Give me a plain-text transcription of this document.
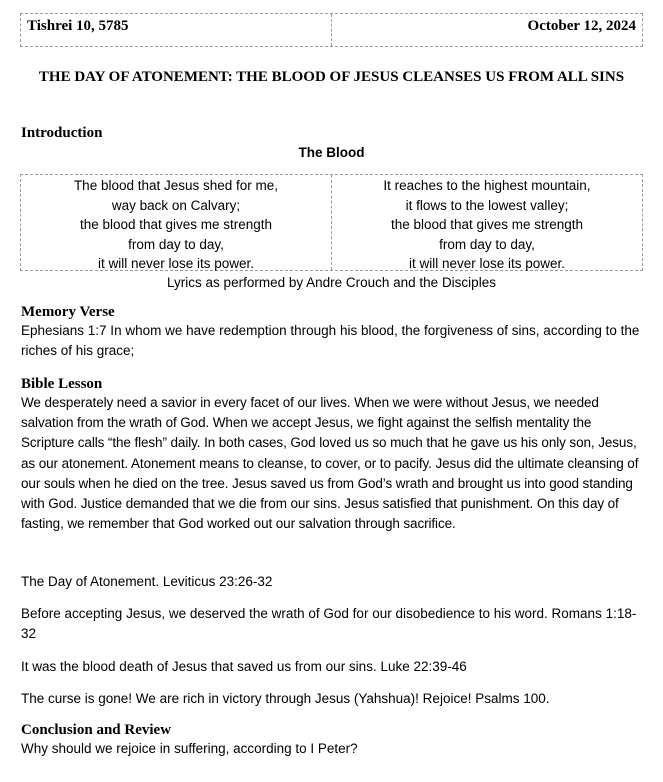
Tishrei 10, 5785	October 12, 2024
THE DAY OF ATONEMENT: THE BLOOD OF JESUS CLEANSES US FROM ALL SINS
Introduction
The Blood
The blood that Jesus shed for me,
way back on Calvary;
the blood that gives me strength
from day to day,
it will never lose its power.
It reaches to the highest mountain,
it flows to the lowest valley;
the blood that gives me strength
from day to day,
it will never lose its power.
Lyrics as performed by Andre Crouch and the Disciples
Memory Verse
Ephesians 1:7 In whom we have redemption through his blood, the forgiveness of sins, according to the riches of his grace;
Bible Lesson
We desperately need a savior in every facet of our lives. When we were without Jesus, we needed salvation from the wrath of God. When we accept Jesus, we fight against the selfish mentality the Scripture calls “the flesh” daily. In both cases, God loved us so much that he gave us his only son, Jesus, as our atonement. Atonement means to cleanse, to cover, or to pacify. Jesus did the ultimate cleansing of our souls when he died on the tree. Jesus saved us from God’s wrath and brought us into good standing with God. Justice demanded that we die from our sins. Jesus satisfied that punishment. On this day of fasting, we remember that God worked out our salvation through sacrifice.
The Day of Atonement. Leviticus 23:26-32
Before accepting Jesus, we deserved the wrath of God for our disobedience to his word. Romans 1:18-32
It was the blood death of Jesus that saved us from our sins. Luke 22:39-46
The curse is gone! We are rich in victory through Jesus (Yahshua)! Rejoice! Psalms 100.
Conclusion and Review
Why should we rejoice in suffering, according to I Peter?
